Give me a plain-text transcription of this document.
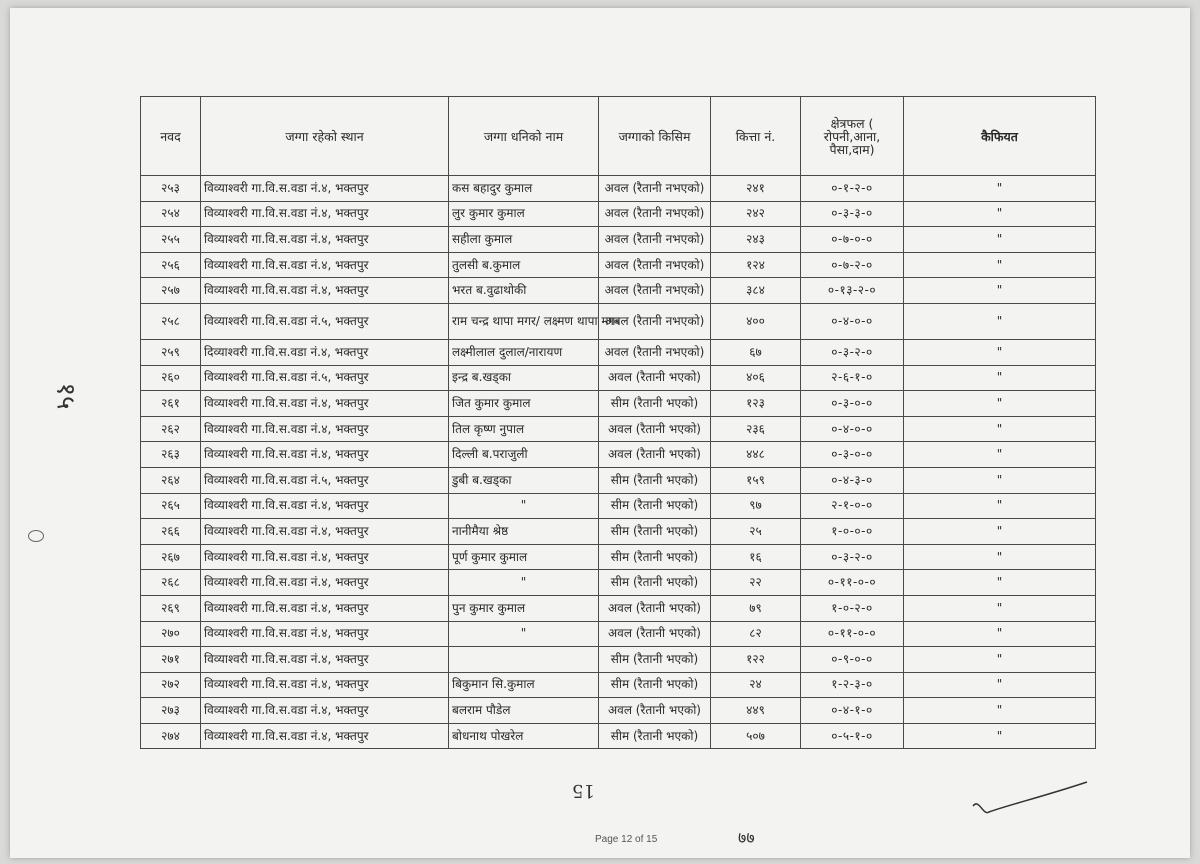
१५
नवद	जग्गा रहेको स्थान	जग्गा धनिको नाम	जग्गाको किसिम	कित्ता नं.	क्षेत्रफल ( रोपनी,आना, पैसा,दाम)	कैफियत
२५३	विव्याश्वरी गा.वि.स.वडा नं.४, भक्तपुर	कस बहादुर कुमाल	अवल (रैतानी नभएको)	२४१	०-१-२-०	"
२५४	विव्याश्वरी गा.वि.स.वडा नं.४, भक्तपुर	लुर कुमार कुमाल	अवल (रैतानी नभएको)	२४२	०-३-३-०	"
२५५	विव्याश्वरी गा.वि.स.वडा नं.४, भक्तपुर	सहीला कुमाल	अवल (रैतानी नभएको)	२४३	०-७-०-०	"
२५६	विव्याश्वरी गा.वि.स.वडा नं.४, भक्तपुर	तुलसी ब.कुमाल	अवल (रैतानी नभएको)	१२४	०-७-२-०	"
२५७	विव्याश्वरी गा.वि.स.वडा नं.४, भक्तपुर	भरत ब.वुढाथोकी	अवल (रैतानी नभएको)	३८४	०-१३-२-०	"
२५८	विव्याश्वरी गा.वि.स.वडा नं.५, भक्तपुर	राम चन्द्र थापा मगर/ लक्ष्मण थापा मगर	अवल (रैतानी नभएको)	४००	०-४-०-०	"
२५९	दिव्याश्वरी गा.वि.स.वडा नं.४, भक्तपुर	लक्ष्मीलाल दुलाल/नारायण	अवल (रैतानी नभएको)	६७	०-३-२-०	"
२६०	विव्याश्वरी गा.वि.स.वडा नं.५, भक्तपुर	इन्द्र ब.खड्का	अवल (रैतानी भएको)	४०६	२-६-१-०	"
२६१	विव्याश्वरी गा.वि.स.वडा नं.४, भक्तपुर	जित कुमार कुमाल	सीम (रैतानी भएको)	१२३	०-३-०-०	"
२६२	विव्याश्वरी गा.वि.स.वडा नं.४, भक्तपुर	तिल कृष्ण नुपाल	अवल (रैतानी भएको)	२३६	०-४-०-०	"
२६३	विव्याश्वरी गा.वि.स.वडा नं.४, भक्तपुर	दिल्ली ब.पराजुली	अवल (रैतानी भएको)	४४८	०-३-०-०	"
२६४	विव्याश्वरी गा.वि.स.वडा नं.५, भक्तपुर	डुबी ब.खड्का	सीम (रैतानी भएको)	१५९	०-४-३-०	"
२६५	विव्याश्वरी गा.वि.स.वडा नं.४, भक्तपुर	"	सीम (रैतानी भएको)	९७	२-१-०-०	"
२६६	विव्याश्वरी गा.वि.स.वडा नं.४, भक्तपुर	नानीमैया श्रेष्ठ	सीम (रैतानी भएको)	२५	१-०-०-०	"
२६७	विव्याश्वरी गा.वि.स.वडा नं.४, भक्तपुर	पूर्ण कुमार कुमाल	सीम (रैतानी भएको)	१६	०-३-२-०	"
२६८	विव्याश्वरी गा.वि.स.वडा नं.४, भक्तपुर	"	सीम (रैतानी भएको)	२२	०-११-०-०	"
२६९	विव्याश्वरी गा.वि.स.वडा नं.४, भक्तपुर	पुन कुमार कुमाल	अवल (रैतानी भएको)	७९	१-०-२-०	"
२७०	विव्याश्वरी गा.वि.स.वडा नं.४, भक्तपुर	"	अवल (रैतानी भएको)	८२	०-११-०-०	"
२७१	विव्याश्वरी गा.वि.स.वडा नं.४, भक्तपुर		सीम (रैतानी भएको)	१२२	०-९-०-०	"
२७२	विव्याश्वरी गा.वि.स.वडा नं.४, भक्तपुर	बिकुमान सि.कुमाल	सीम (रैतानी भएको)	२४	१-२-३-०	"
२७३	विव्याश्वरी गा.वि.स.वडा नं.४, भक्तपुर	बलराम पौडेल	अवल (रैतानी भएको)	४४९	०-४-१-०	"
२७४	विव्याश्वरी गा.वि.स.वडा नं.४, भक्तपुर	बोधनाथ पोखरेल	सीम (रैतानी भएको)	५०७	०-५-१-०	"
15
Page 12 of 15	७७
